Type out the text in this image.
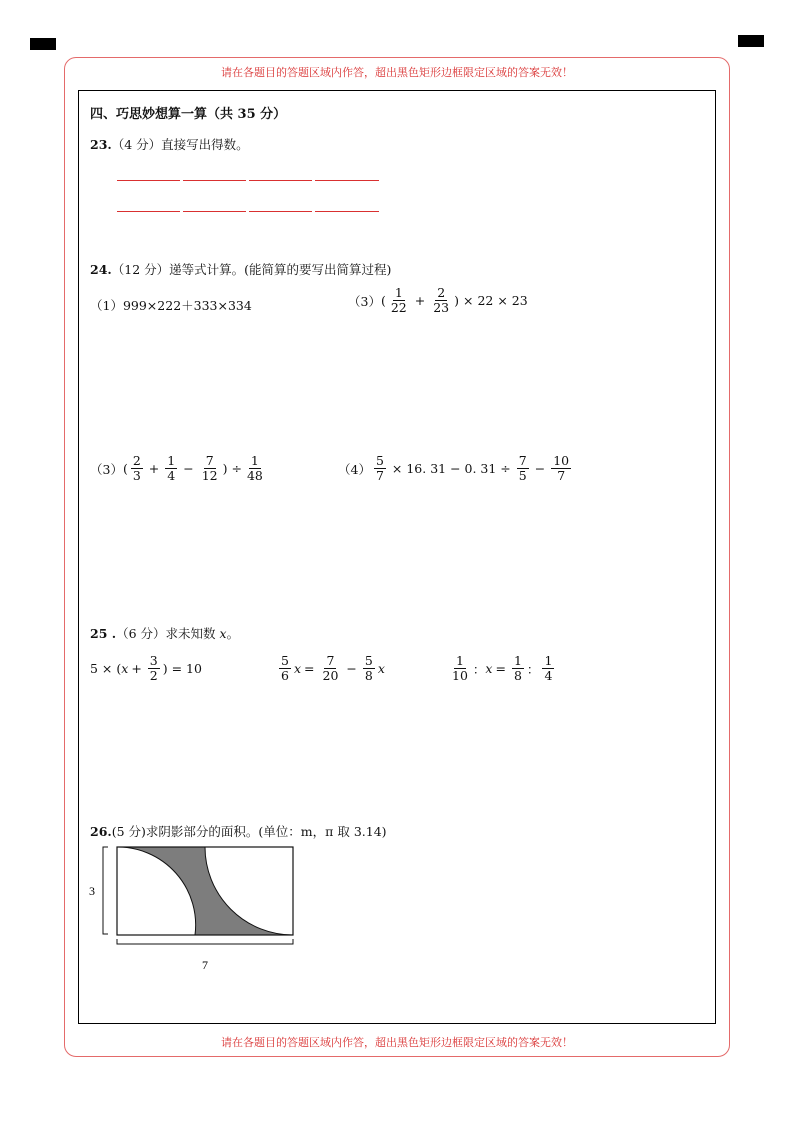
请在各题目的答题区域内作答，超出黑色矩形边框限定区域的答案无效！
请在各题目的答题区域内作答，超出黑色矩形边框限定区域的答案无效！
四、巧思妙想算一算（共 35 分）
23.（4 分）直接写出得数。
24.（12 分）递等式计算。(能简算的要写出简算过程)
（1） 999×222＋333×334	（3） ( $\frac{1}{22} + \frac{2}{23}$ ) × 22 × 23
（3） ( $\frac{2}{3} + \frac{1}{4} - \frac{7}{12}$ ) ÷ $\frac{1}{48}$	$(4) \frac{5}{7} \times 16$. 31 − 0. $31 \div \frac{7}{5} - \frac{10}{7}$
25 .（6 分）求未知数 x。
5 × ( $x + \frac{3}{2}$ ) = 10	$\frac{5}{6}$ $x = \frac{7}{20} - \frac{5}{8}$ x	$\frac{1}{10}$ ： $x = \frac{1}{8}$ ： $\frac{1}{4}$
26.(5 分)求阴影部分的面积。(单位：m，π 取 3.14)
3
7
